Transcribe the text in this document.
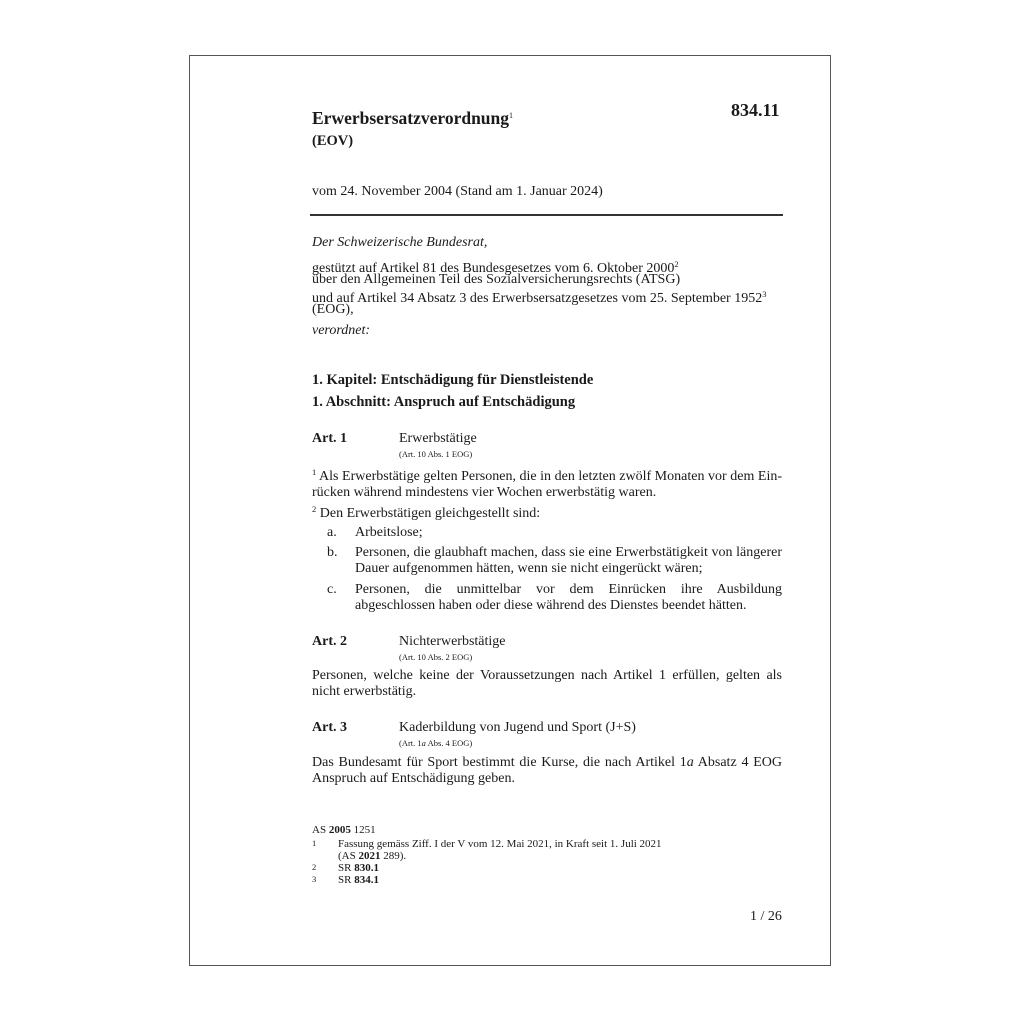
Erwerbsersatzverordnung$^1$
(EOV)
834.11
vom 24. November 2004 (Stand am 1. Januar 2024)
Der Schweizerische Bundesrat,
gestützt auf Artikel 81 des Bundesgesetzes vom 6. Oktober 2000$^2$
über den Allgemeinen Teil des Sozialversicherungsrechts (ATSG)
und auf Artikel 34 Absatz 3 des Erwerbsersatzgesetzes vom 25. September 1952$^3$
(EOG),
verordnet:
1. Kapitel: Entschädigung für Dienstleistende
1. Abschnitt: Anspruch auf Entschädigung
Art. 1	Erwerbstätige
(Art. 10 Abs. 1 EOG)
$^1$ Als Erwerbstätige gelten Personen, die in den letzten zwölf Monaten vor dem Ein-rücken während mindestens vier Wochen erwerbstätig waren.
$^2$ Den Erwerbstätigen gleichgestellt sind:
a. Arbeitslose;
b. Personen, die glaubhaft machen, dass sie eine Erwerbstätigkeit von längerer Dauer aufgenommen hätten, wenn sie nicht eingerückt wären;
c. Personen, die unmittelbar vor dem Einrücken ihre Ausbildung abgeschlossen haben oder diese während des Dienstes beendet hätten.
Art. 2	Nichterwerbstätige
(Art. 10 Abs. 2 EOG)
Personen, welche keine der Voraussetzungen nach Artikel 1 erfüllen, gelten als nicht erwerbstätig.
Art. 3	Kaderbildung von Jugend und Sport (J+S)
(Art. 1a Abs. 4 EOG)
Das Bundesamt für Sport bestimmt die Kurse, die nach Artikel 1a Absatz 4 EOG Anspruch auf Entschädigung geben.
AS 2005 1251
1 Fassung gemäss Ziff. I der V vom 12. Mai 2021, in Kraft seit 1. Juli 2021
(AS 2021 289).
2 SR 830.1
3 SR 834.1
1 / 26
